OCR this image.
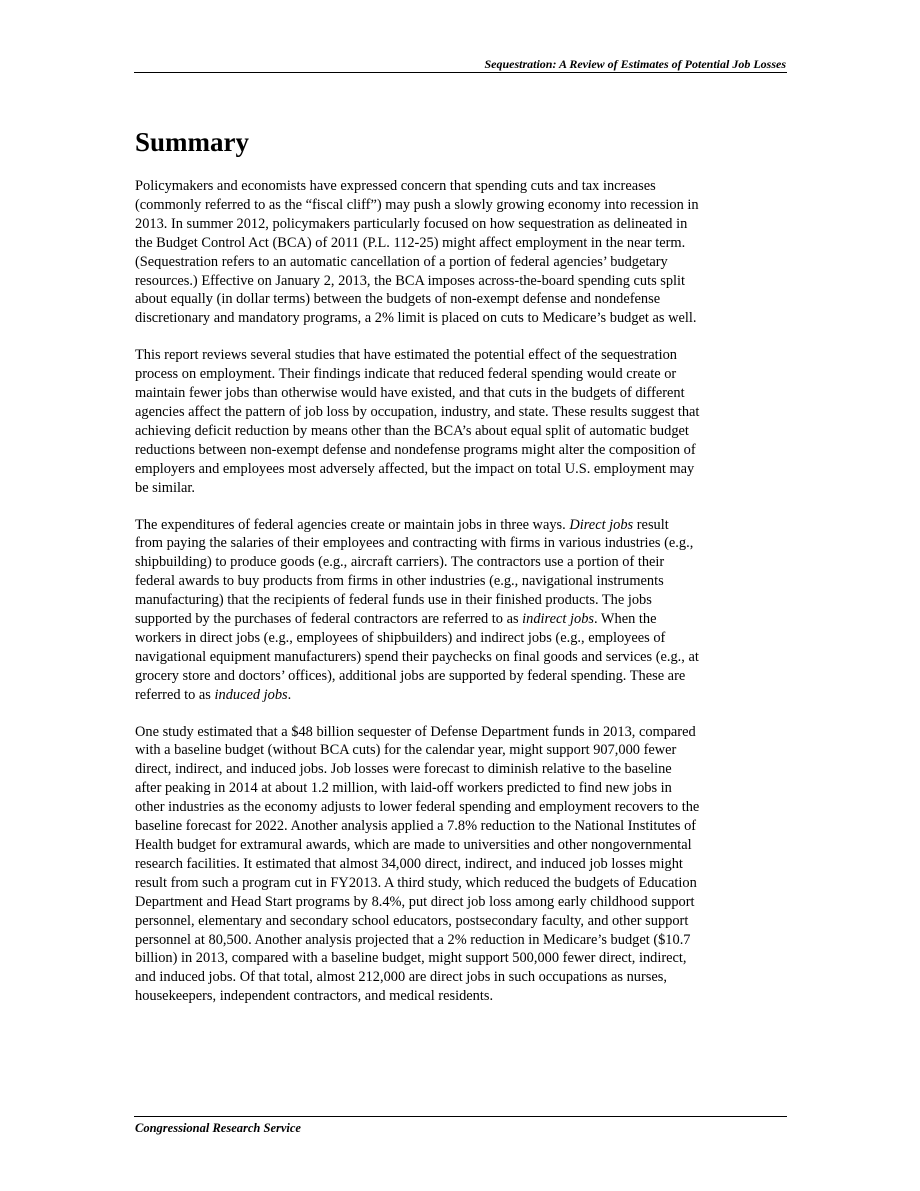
Sequestration: A Review of Estimates of Potential Job Losses
Summary

Policymakers and economists have expressed concern that spending cuts and tax increases
(commonly referred to as the “fiscal cliff”) may push a slowly growing economy into recession in
2013. In summer 2012, policymakers particularly focused on how sequestration as delineated in
the Budget Control Act (BCA) of 2011 (P.L. 112-25) might affect employment in the near term.
(Sequestration refers to an automatic cancellation of a portion of federal agencies’ budgetary
resources.) Effective on January 2, 2013, the BCA imposes across-the-board spending cuts split
about equally (in dollar terms) between the budgets of non-exempt defense and nondefense
discretionary and mandatory programs, a 2% limit is placed on cuts to Medicare’s budget as well.

This report reviews several studies that have estimated the potential effect of the sequestration
process on employment. Their findings indicate that reduced federal spending would create or
maintain fewer jobs than otherwise would have existed, and that cuts in the budgets of different
agencies affect the pattern of job loss by occupation, industry, and state. These results suggest that
achieving deficit reduction by means other than the BCA’s about equal split of automatic budget
reductions between non-exempt defense and nondefense programs might alter the composition of
employers and employees most adversely affected, but the impact on total U.S. employment may
be similar.

The expenditures of federal agencies create or maintain jobs in three ways. Direct jobs result
from paying the salaries of their employees and contracting with firms in various industries (e.g.,
shipbuilding) to produce goods (e.g., aircraft carriers). The contractors use a portion of their
federal awards to buy products from firms in other industries (e.g., navigational instruments
manufacturing) that the recipients of federal funds use in their finished products. The jobs
supported by the purchases of federal contractors are referred to as indirect jobs. When the
workers in direct jobs (e.g., employees of shipbuilders) and indirect jobs (e.g., employees of
navigational equipment manufacturers) spend their paychecks on final goods and services (e.g., at
grocery store and doctors’ offices), additional jobs are supported by federal spending. These are
referred to as induced jobs.

One study estimated that a $48 billion sequester of Defense Department funds in 2013, compared
with a baseline budget (without BCA cuts) for the calendar year, might support 907,000 fewer
direct, indirect, and induced jobs. Job losses were forecast to diminish relative to the baseline
after peaking in 2014 at about 1.2 million, with laid-off workers predicted to find new jobs in
other industries as the economy adjusts to lower federal spending and employment recovers to the
baseline forecast for 2022. Another analysis applied a 7.8% reduction to the National Institutes of
Health budget for extramural awards, which are made to universities and other nongovernmental
research facilities. It estimated that almost 34,000 direct, indirect, and induced job losses might
result from such a program cut in FY2013. A third study, which reduced the budgets of Education
Department and Head Start programs by 8.4%, put direct job loss among early childhood support
personnel, elementary and secondary school educators, postsecondary faculty, and other support
personnel at 80,500. Another analysis projected that a 2% reduction in Medicare’s budget ($10.7
billion) in 2013, compared with a baseline budget, might support 500,000 fewer direct, indirect,
and induced jobs. Of that total, almost 212,000 are direct jobs in such occupations as nurses,
housekeepers, independent contractors, and medical residents.

Congressional Research Service
